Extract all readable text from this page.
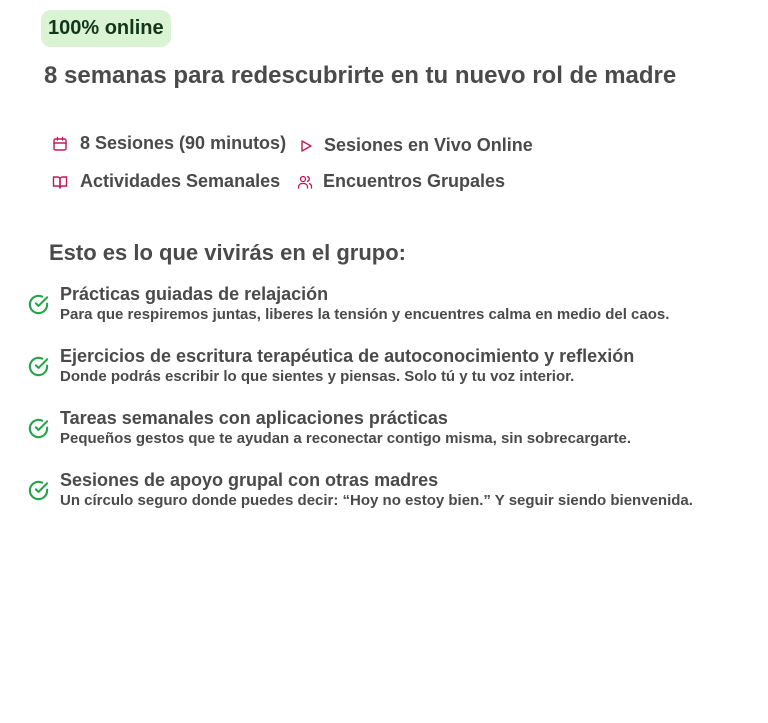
100% online
8 semanas para redescubrirte en tu nuevo rol de madre
8 Sesiones (90 minutos) Sesiones en Vivo Online
Actividades Semanales Encuentros Grupales
Esto es lo que vivirás en el grupo:
Prácticas guiadas de relajación
Para que respiremos juntas, liberes la tensión y encuentres calma en medio del caos.
Ejercicios de escritura terapéutica de autoconocimiento y reflexión
Donde podrás escribir lo que sientes y piensas. Solo tú y tu voz interior.
Tareas semanales con aplicaciones prácticas
Pequeños gestos que te ayudan a reconectar contigo misma, sin sobrecargarte.
Sesiones de apoyo grupal con otras madres
Un círculo seguro donde puedes decir: “Hoy no estoy bien.” Y seguir siendo bienvenida.
